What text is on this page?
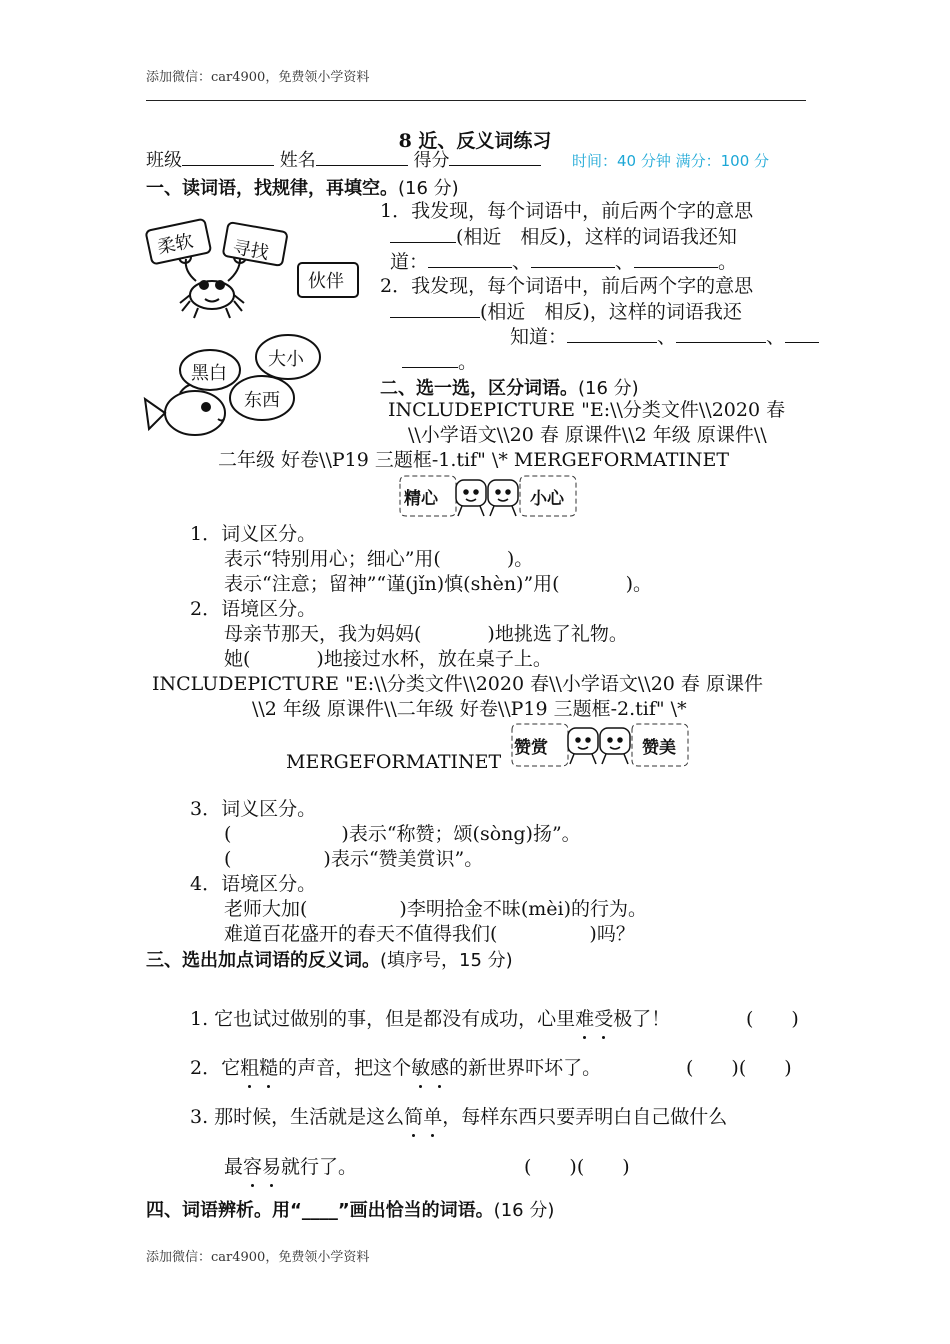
添加微信：car4900，免费领小学资料
8 近、反义词练习
班级	姓名	得分	时间：40 分钟 满分：100 分
一、读词语，找规律，再填空。(16 分)
柔软 寻找
伙伴
大小
黑白
东西
1．我发现，每个词语中，前后两个字的意思
(相近　相反)，这样的词语我还知
道：	、	、	。
2．我发现，每个词语中，前后两个字的意思
(相近　相反)，这样的词语我还
知道：	、	、
。
二、选一选，区分词语。(16 分)
INCLUDEPICTURE "E:\\分类文件\\2020 春
\\小学语文\\20 春 原课件\\2 年级 原课件\\
二年级 好卷\\P19 三题框-1.tif" \* MERGEFORMATINET
精心	小心
1．词义区分。
表示“特别用心；细心”用(	)。
表示“注意；留神”“谨(jǐn)慎(shèn)”用(	)。
2．语境区分。
母亲节那天，我为妈妈(	)地挑选了礼物。
她(	)地接过水杯，放在桌子上。
INCLUDEPICTURE "E:\\分类文件\\2020 春\\小学语文\\20 春 原课件
\\2 年级 原课件\\二年级 好卷\\P19 三题框-2.tif" \*
MERGEFORMATINET
赞赏	赞美
3．词义区分。
(	)表示“称赞；颂(sòng)扬”。
(	)表示“赞美赏识”。
4．语境区分。
老师大加(	)李明拾金不昧(mèi)的行为。
难道百花盛开的春天不值得我们(	)吗？
三、选出加点词语的反义词。(填序号，15 分)
1. 它也试过做别的事，但是都没有成功，心里难受极了！	(　　)
2．它粗糙的声音，把这个敏感的新世界吓坏了。	(　　)(　　)
3. 那时候，生活就是这么简单，每样东西只要弄明白自己做什么
最容易就行了。	(　　)(　　)
四、词语辨析。用“____”画出恰当的词语。(16 分)
添加微信：car4900，免费领小学资料
